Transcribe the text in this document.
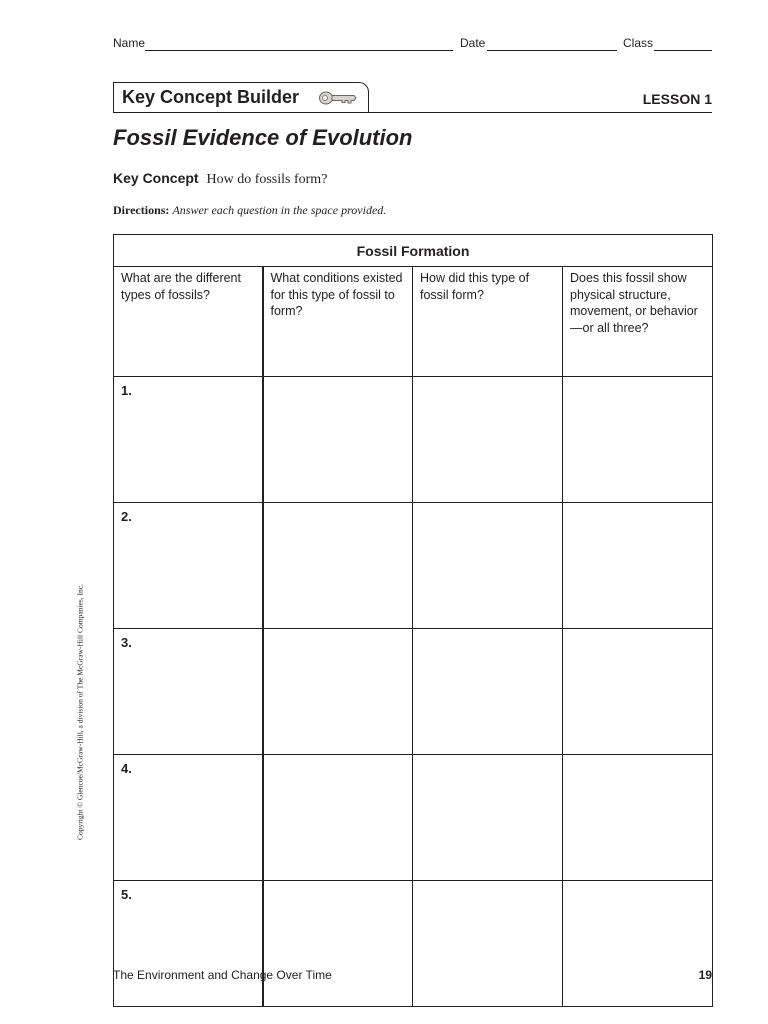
Name	Date	Class
Key Concept Builder	LESSON 1
Fossil Evidence of Evolution
Key Concept How do fossils form?
Directions: Answer each question in the space provided.
Fossil Formation			
What are the different types of fossils?	What conditions existed for this type of fossil to form?	How did this type of fossil form?	Does this fossil show physical structure, movement, or behavior—or all three?
1.			
2.			
3.			
4.			
5.			
Copyright © Glencoe/McGraw-Hill, a division of The McGraw-Hill Companies, Inc.
The Environment and Change Over Time	19
